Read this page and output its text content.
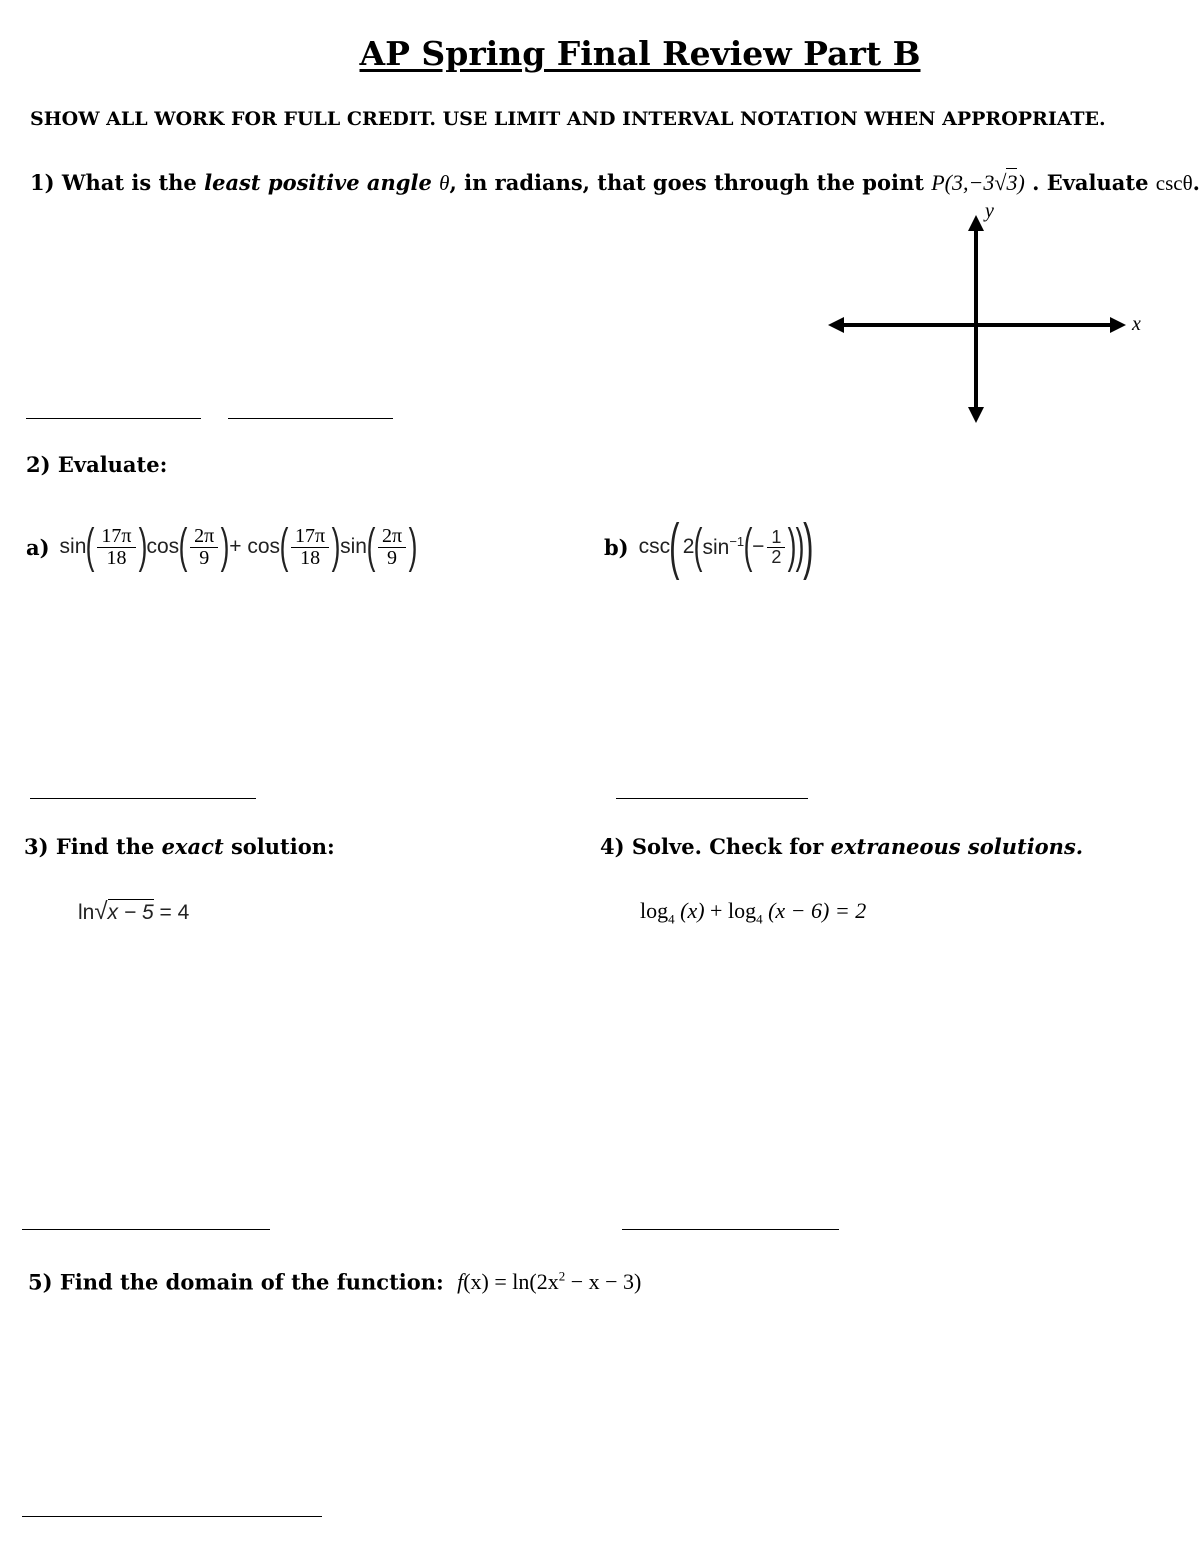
AP Spring Final Review Part B
SHOW ALL WORK FOR FULL CREDIT. USE LIMIT AND INTERVAL NOTATION WHEN APPROPRIATE.
1) What is the least positive angle θ, in radians, that goes through the point P(3,−3√3) . Evaluate cscθ.
x
y
2) Evaluate:
a) sin ( $\frac{17\pi}{18}$ ) cos ( $\frac{2\pi}{9}$ ) + cos ( $\frac{17\pi}{18}$ ) sin ( $\frac{2\pi}{9}$ )	b) csc ( 2 ( $\sin^{-1}$ ( − $\frac{1}{2}$ ) )
)
3) Find the exact solution:
ln√x − 5 = 4
4) Solve. Check for extraneous solutions.
$\log_4 (x) + \log_4 (x - 6) = 2$
5) Find the domain of the function: $f(x) = \ln(2x^2 - x - 3)$
